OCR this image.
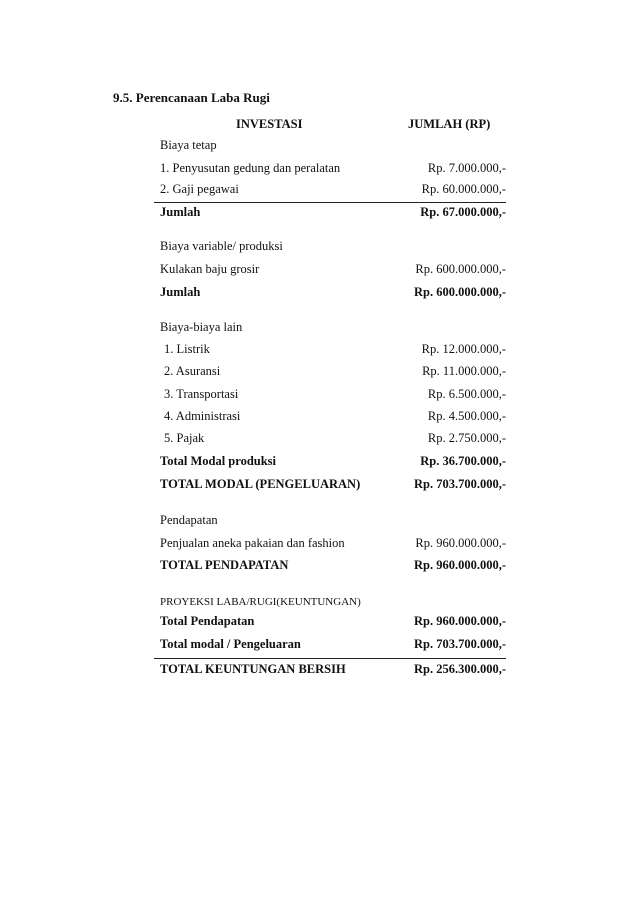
9.5. Perencanaan Laba Rugi
INVESTASI	JUMLAH (RP)
Biaya tetap
1. Penyusutan gedung dan peralatan	Rp. 7.000.000,-
2. Gaji pegawai	Rp. 60.000.000,-
Jumlah	Rp. 67.000.000,-
Biaya variable/ produksi
Kulakan baju grosir	Rp. 600.000.000,-
Jumlah	Rp. 600.000.000,-
Biaya-biaya lain
1. Listrik	Rp. 12.000.000,-
2. Asuransi	Rp. 11.000.000,-
3. Transportasi	Rp. 6.500.000,-
4. Administrasi	Rp. 4.500.000,-
5. Pajak	Rp. 2.750.000,-
Total Modal produksi	Rp. 36.700.000,-
TOTAL MODAL (PENGELUARAN)	Rp. 703.700.000,-
Pendapatan
Penjualan aneka pakaian dan fashion	Rp. 960.000.000,-
TOTAL PENDAPATAN	Rp. 960.000.000,-
PROYEKSI LABA/RUGI(KEUNTUNGAN)
Total Pendapatan	Rp. 960.000.000,-
Total modal / Pengeluaran	Rp. 703.700.000,-
TOTAL KEUNTUNGAN BERSIH	Rp. 256.300.000,-
